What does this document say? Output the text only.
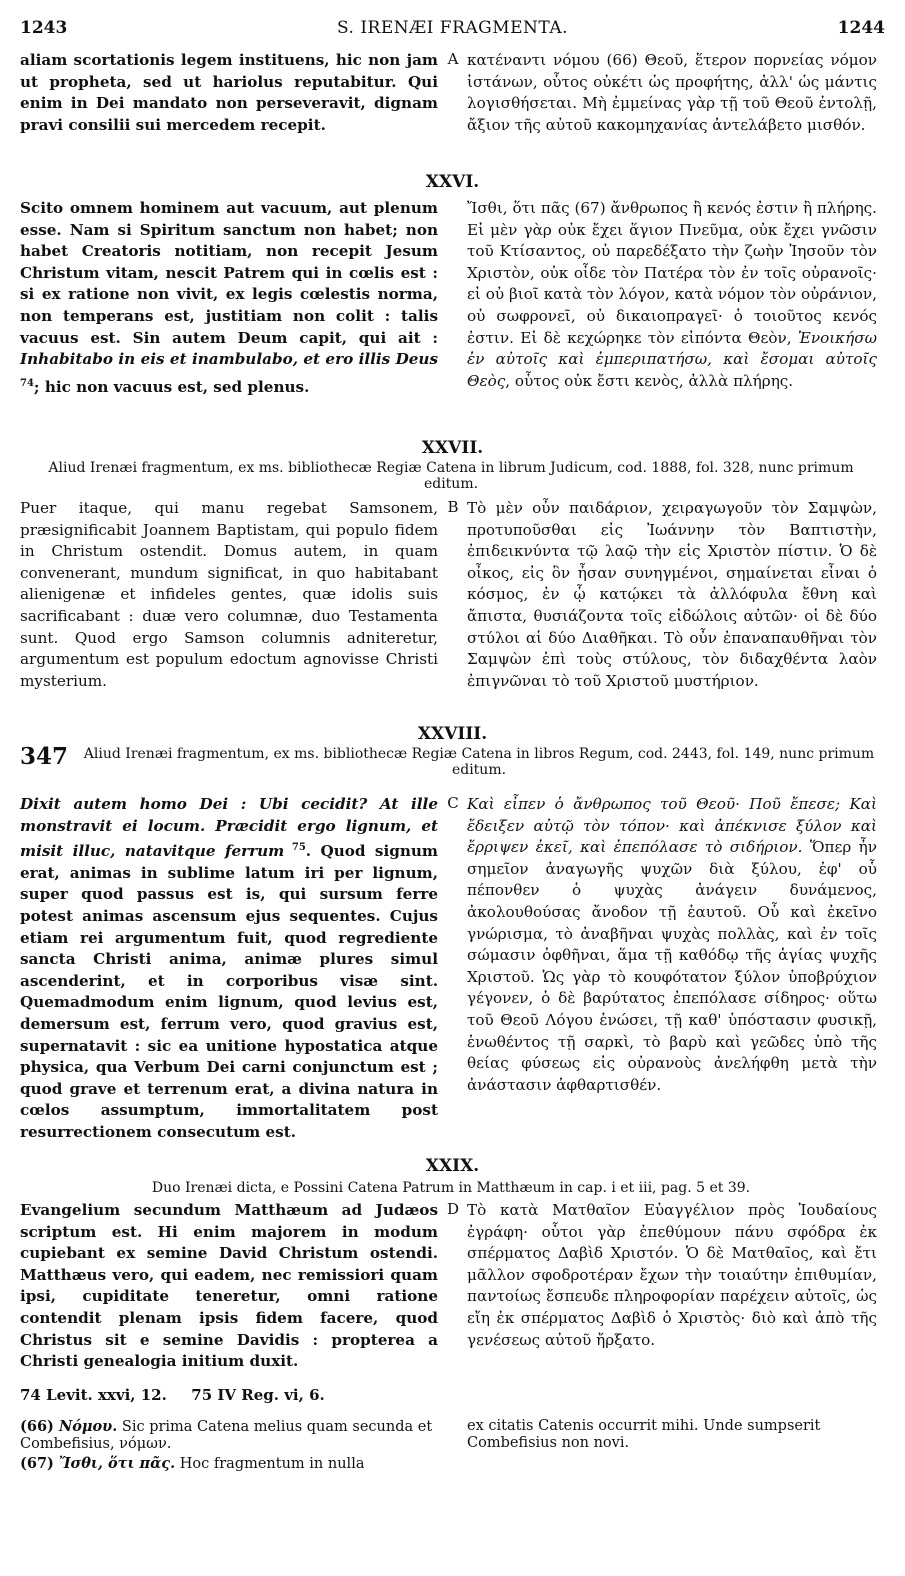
1243	S. IRENÆI FRAGMENTA.	1244
aliam scortationis legem instituens, hic non jam ut propheta, sed ut hariolus reputabitur. Qui enim in Dei mandato non perseveravit, dignam pravi consilii sui mercedem recepit.
A κατέναντι νόμου (66) Θεοῦ, ἕτερον πορνείας νόμον ἱστάνων, οὗτος οὐκέτι ὡς προφήτης, ἀλλ' ὡς μάντις λογισθήσεται. Μὴ ἐμμείνας γὰρ τῇ τοῦ Θεοῦ ἐντολῇ, ἄξιον τῆς αὐτοῦ κακομηχανίας ἀντελάβετο μισθόν.
XXVI.
Scito omnem hominem aut vacuum, aut plenum esse. Nam si Spiritum sanctum non habet; non habet Creatoris notitiam, non recepit Jesum Christum vitam, nescit Patrem qui in cœlis est : si ex ratione non vivit, ex legis cœlestis norma, non temperans est, justitiam non colit : talis vacuus est. Sin autem Deum capit, qui ait : Inhabitabo in eis et inambulabo, et ero illis Deus $^{74}$; hic non vacuus est, sed plenus.
Ἴσθι, ὅτι πᾶς (67) ἄνθρωπος ἢ κενός ἐστιν ἢ πλήρης. Εἰ μὲν γὰρ οὐκ ἔχει ἅγιον Πνεῦμα, οὐκ ἔχει γνῶσιν τοῦ Κτίσαντος, οὐ παρεδέξατο τὴν ζωὴν Ἰησοῦν τὸν Χριστὸν, οὐκ οἶδε τὸν Πατέρα τὸν ἐν τοῖς οὐρανοῖς· εἰ οὐ βιοῖ κατὰ τὸν λόγον, κατὰ νόμον τὸν οὐράνιον, οὐ σωφρονεῖ, οὐ δικαιοπραγεῖ· ὁ τοιοῦτος κενός ἐστιν. Εἰ δὲ κεχώρηκε τὸν εἰπόντα Θεὸν, Ἐνοικήσω ἐν αὐτοῖς καὶ ἐμπεριπατήσω, καὶ ἔσομαι αὐτοῖς Θεὸς, οὗτος οὐκ ἔστι κενὸς, ἀλλὰ πλήρης.
XXVII.
Aliud Irenæi fragmentum, ex ms. bibliothecæ Regiæ Catena in librum Judicum, cod. 1888, fol. 328, nunc primum editum.
Puer itaque, qui manu regebat Samsonem, præsignificabit Joannem Baptistam, qui populo fidem in Christum ostendit. Domus autem, in quam convenerant, mundum significat, in quo habitabant alienigenæ et infideles gentes, quæ idolis suis sacrificabant : duæ vero columnæ, duo Testamenta sunt. Quod ergo Samson columnis adniteretur, argumentum est populum edoctum agnovisse Christi mysterium.
B Τὸ μὲν οὖν παιδάριον, χειραγωγοῦν τὸν Σαμψὼν, προτυποῦσθαι εἰς Ἰωάννην τὸν Βαπτιστὴν, ἐπιδεικνύντα τῷ λαῷ τὴν εἰς Χριστὸν πίστιν. Ὁ δὲ οἶκος, εἰς ὃν ἦσαν συνηγμένοι, σημαίνεται εἶναι ὁ κόσμος, ἐν ᾧ κατῴκει τὰ ἀλλόφυλα ἔθνη καὶ ἄπιστα, θυσιάζοντα τοῖς εἰδώλοις αὐτῶν· οἱ δὲ δύο στύλοι αἱ δύο Διαθῆκαι. Τὸ οὖν ἐπαναπαυθῆναι τὸν Σαμψὼν ἐπὶ τοὺς στύλους, τὸν διδαχθέντα λαὸν ἐπιγνῶναι τὸ τοῦ Χριστοῦ μυστήριον.
XXVIII.
347	Aliud Irenæi fragmentum, ex ms. bibliothecæ Regiæ Catena in libros Regum, cod. 2443, fol. 149, nunc primum editum.
Dixit autem homo Dei : Ubi cecidit? At ille monstravit ei locum. Præcidit ergo lignum, et misit illuc, natavitque ferrum $^{75}$. Quod signum erat, animas in sublime latum iri per lignum, super quod passus est is, qui sursum ferre potest animas ascensum ejus sequentes. Cujus etiam rei argumentum fuit, quod regrediente sancta Christi anima, animæ plures simul ascenderint, et in corporibus visæ sint. Quemadmodum enim lignum, quod levius est, demersum est, ferrum vero, quod gravius est, supernatavit : sic ea unitione hypostatica atque physica, qua Verbum Dei carni conjunctum est ; quod grave et terrenum erat, a divina natura in cœlos assumptum, immortalitatem post resurrectionem consecutum est.
C Καὶ εἶπεν ὁ ἄνθρωπος τοῦ Θεοῦ· Ποῦ ἔπεσε; Καὶ ἔδειξεν αὐτῷ τὸν τόπον· καὶ ἀπέκνισε ξύλον καὶ ἔρριψεν ἐκεῖ, καὶ ἐπεπόλασε τὸ σιδήριον. Ὅπερ ἦν σημεῖον ἀναγωγῆς ψυχῶν διὰ ξύλου, ἐφ' οὗ πέπονθεν ὁ ψυχὰς ἀνάγειν δυνάμενος, ἀκολουθούσας ἄνοδον τῇ ἑαυτοῦ. Οὗ καὶ ἐκεῖνο γνώρισμα, τὸ ἀναβῆναι ψυχὰς πολλὰς, καὶ ἐν τοῖς σώμασιν ὀφθῆναι, ἅμα τῇ καθόδῳ τῆς ἁγίας ψυχῆς Χριστοῦ. Ὡς γὰρ τὸ κουφότατον ξύλον ὑποβρύχιον γέγονεν, ὁ δὲ βαρύτατος ἐπεπόλασε σίδηρος· οὕτω τοῦ Θεοῦ Λόγου ἑνώσει, τῇ καθ' ὑπόστασιν φυσικῇ, ἑνωθέντος τῇ σαρκὶ, τὸ βαρὺ καὶ γεῶδες ὑπὸ τῆς θείας φύσεως εἰς οὐρανοὺς ἀνελήφθη μετὰ τὴν ἀνάστασιν ἀφθαρτισθέν.
XXIX.
Duo Irenæi dicta, e Possini Catena Patrum in Matthæum in cap. i et iii, pag. 5 et 39.
Evangelium secundum Matthæum ad Judæos scriptum est. Hi enim majorem in modum cupiebant ex semine David Christum ostendi. Matthæus vero, qui eadem, nec remissiori quam ipsi, cupiditate teneretur, omni ratione contendit plenam ipsis fidem facere, quod Christus sit e semine Davidis : propterea a Christi genealogia initium duxit.
D Τὸ κατὰ Ματθαῖον Εὐαγγέλιον πρὸς Ἰουδαίους ἐγράφη· οὗτοι γὰρ ἐπεθύμουν πάνυ σφόδρα ἐκ σπέρματος Δαβὶδ Χριστόν. Ὁ δὲ Ματθαῖος, καὶ ἔτι μᾶλλον σφοδροτέραν ἔχων τὴν τοιαύτην ἐπιθυμίαν, παντοίως ἔσπευδε πληροφορίαν παρέχειν αὐτοῖς, ὡς εἴη ἐκ σπέρματος Δαβὶδ ὁ Χριστὸς· διὸ καὶ ἀπὸ τῆς γενέσεως αὐτοῦ ἤρξατο.
74 Levit. xxvi, 12. 75 IV Reg. vi, 6.

(66) Νόμου. Sic prima Catena melius quam secunda et Combefisius, νόμων.

(67) Ἴσθι, ὅτι πᾶς. Hoc fragmentum in nulla

ex citatis Catenis occurrit mihi. Unde sumpserit Combefisius non novi.
